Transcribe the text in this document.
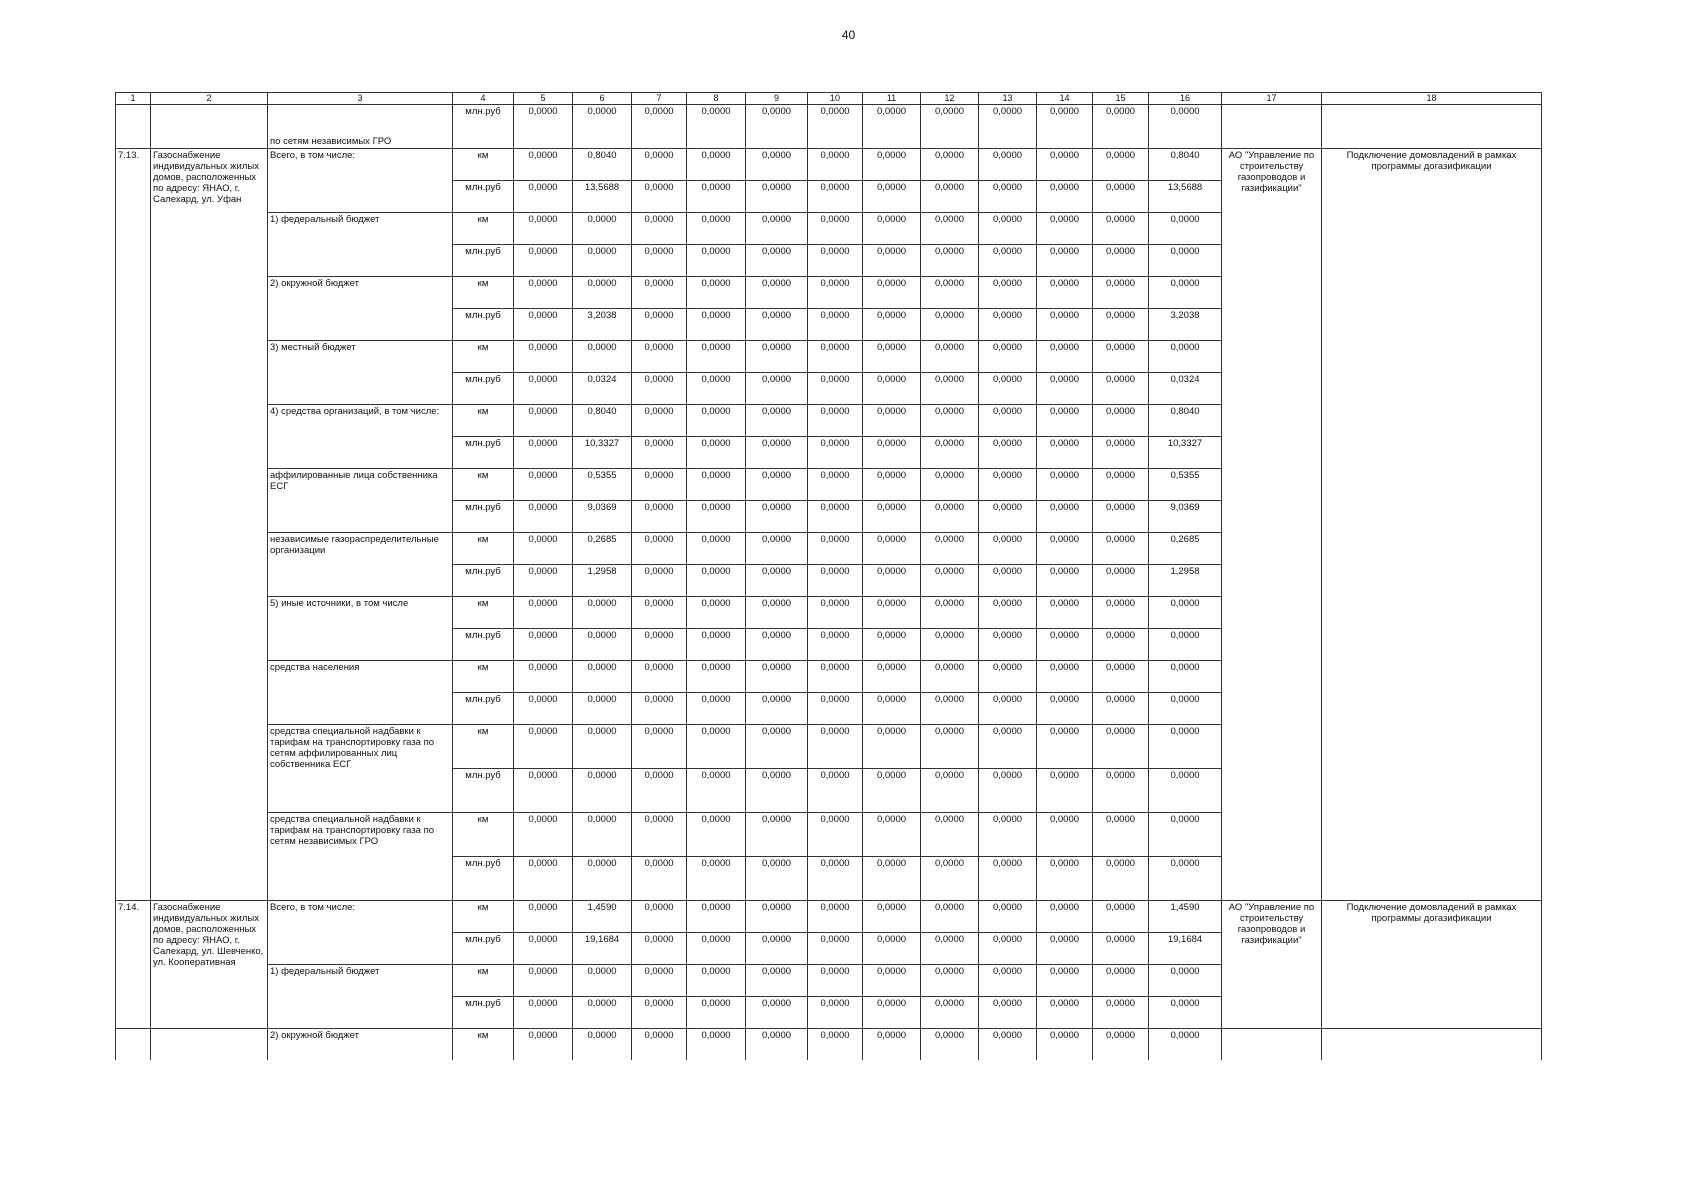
40
1	2	3	4	5	6	7	8	9	10	11	12	13	14	15	16	17	18
		по сетям независимых ГРО	млн.руб	0,0000	0,0000	0,0000	0,0000	0,0000	0,0000	0,0000	0,0000	0,0000	0,0000	0,0000	0,0000		
7.13.	Газоснабжение индивидуальных жилых домов, расположенных по адресу: ЯНАО, г. Салехард, ул. Уфан	Всего, в том числе:	км	0,0000	0,8040	0,0000	0,0000	0,0000	0,0000	0,0000	0,0000	0,0000	0,0000	0,0000	0,8040	АО "Управление по строительству газопроводов и газификации"	Подключение домовладений в рамках программы догазификации
			млн.руб	0,0000	13,5688	0,0000	0,0000	0,0000	0,0000	0,0000	0,0000	0,0000	0,0000	0,0000	13,5688		
		1) федеральный бюджет	км	0,0000	0,0000	0,0000	0,0000	0,0000	0,0000	0,0000	0,0000	0,0000	0,0000	0,0000	0,0000		
			млн.руб	0,0000	0,0000	0,0000	0,0000	0,0000	0,0000	0,0000	0,0000	0,0000	0,0000	0,0000	0,0000		
		2) окружной бюджет	км	0,0000	0,0000	0,0000	0,0000	0,0000	0,0000	0,0000	0,0000	0,0000	0,0000	0,0000	0,0000		
			млн.руб	0,0000	3,2038	0,0000	0,0000	0,0000	0,0000	0,0000	0,0000	0,0000	0,0000	0,0000	3,2038		
		3) местный бюджет	км	0,0000	0,0000	0,0000	0,0000	0,0000	0,0000	0,0000	0,0000	0,0000	0,0000	0,0000	0,0000		
			млн.руб	0,0000	0,0324	0,0000	0,0000	0,0000	0,0000	0,0000	0,0000	0,0000	0,0000	0,0000	0,0324		
		4) средства организаций, в том числе:	км	0,0000	0,8040	0,0000	0,0000	0,0000	0,0000	0,0000	0,0000	0,0000	0,0000	0,0000	0,8040		
			млн.руб	0,0000	10,3327	0,0000	0,0000	0,0000	0,0000	0,0000	0,0000	0,0000	0,0000	0,0000	10,3327		
		аффилированные лица собственника ЕСГ	км	0,0000	0,5355	0,0000	0,0000	0,0000	0,0000	0,0000	0,0000	0,0000	0,0000	0,0000	0,5355		
			млн.руб	0,0000	9,0369	0,0000	0,0000	0,0000	0,0000	0,0000	0,0000	0,0000	0,0000	0,0000	9,0369		
		независимые газораспределительные организации	км	0,0000	0,2685	0,0000	0,0000	0,0000	0,0000	0,0000	0,0000	0,0000	0,0000	0,0000	0,2685		
			млн.руб	0,0000	1,2958	0,0000	0,0000	0,0000	0,0000	0,0000	0,0000	0,0000	0,0000	0,0000	1,2958		
		5) иные источники, в том числе	км	0,0000	0,0000	0,0000	0,0000	0,0000	0,0000	0,0000	0,0000	0,0000	0,0000	0,0000	0,0000		
			млн.руб	0,0000	0,0000	0,0000	0,0000	0,0000	0,0000	0,0000	0,0000	0,0000	0,0000	0,0000	0,0000		
		средства населения	км	0,0000	0,0000	0,0000	0,0000	0,0000	0,0000	0,0000	0,0000	0,0000	0,0000	0,0000	0,0000		
			млн.руб	0,0000	0,0000	0,0000	0,0000	0,0000	0,0000	0,0000	0,0000	0,0000	0,0000	0,0000	0,0000		
		средства специальной надбавки к тарифам на транспортировку газа по сетям аффилированных лиц собственника ЕСГ	км	0,0000	0,0000	0,0000	0,0000	0,0000	0,0000	0,0000	0,0000	0,0000	0,0000	0,0000	0,0000		
			млн.руб	0,0000	0,0000	0,0000	0,0000	0,0000	0,0000	0,0000	0,0000	0,0000	0,0000	0,0000	0,0000		
		средства специальной надбавки к тарифам на транспортировку газа по сетям независимых ГРО	км	0,0000	0,0000	0,0000	0,0000	0,0000	0,0000	0,0000	0,0000	0,0000	0,0000	0,0000	0,0000		
			млн.руб	0,0000	0,0000	0,0000	0,0000	0,0000	0,0000	0,0000	0,0000	0,0000	0,0000	0,0000	0,0000		
7.14.	Газоснабжение индивидуальных жилых домов, расположенных по адресу: ЯНАО, г. Салехард, ул. Шевченко, ул. Кооперативная	Всего, в том числе:	км	0,0000	1,4590	0,0000	0,0000	0,0000	0,0000	0,0000	0,0000	0,0000	0,0000	0,0000	1,4590	АО "Управление по строительству газопроводов и газификации"	Подключение домовладений в рамках программы догазификации
			млн.руб	0,0000	19,1684	0,0000	0,0000	0,0000	0,0000	0,0000	0,0000	0,0000	0,0000	0,0000	19,1684		
		1) федеральный бюджет	км	0,0000	0,0000	0,0000	0,0000	0,0000	0,0000	0,0000	0,0000	0,0000	0,0000	0,0000	0,0000		
			млн.руб	0,0000	0,0000	0,0000	0,0000	0,0000	0,0000	0,0000	0,0000	0,0000	0,0000	0,0000	0,0000		
		2) окружной бюджет	км	0,0000	0,0000	0,0000	0,0000	0,0000	0,0000	0,0000	0,0000	0,0000	0,0000	0,0000	0,0000		
